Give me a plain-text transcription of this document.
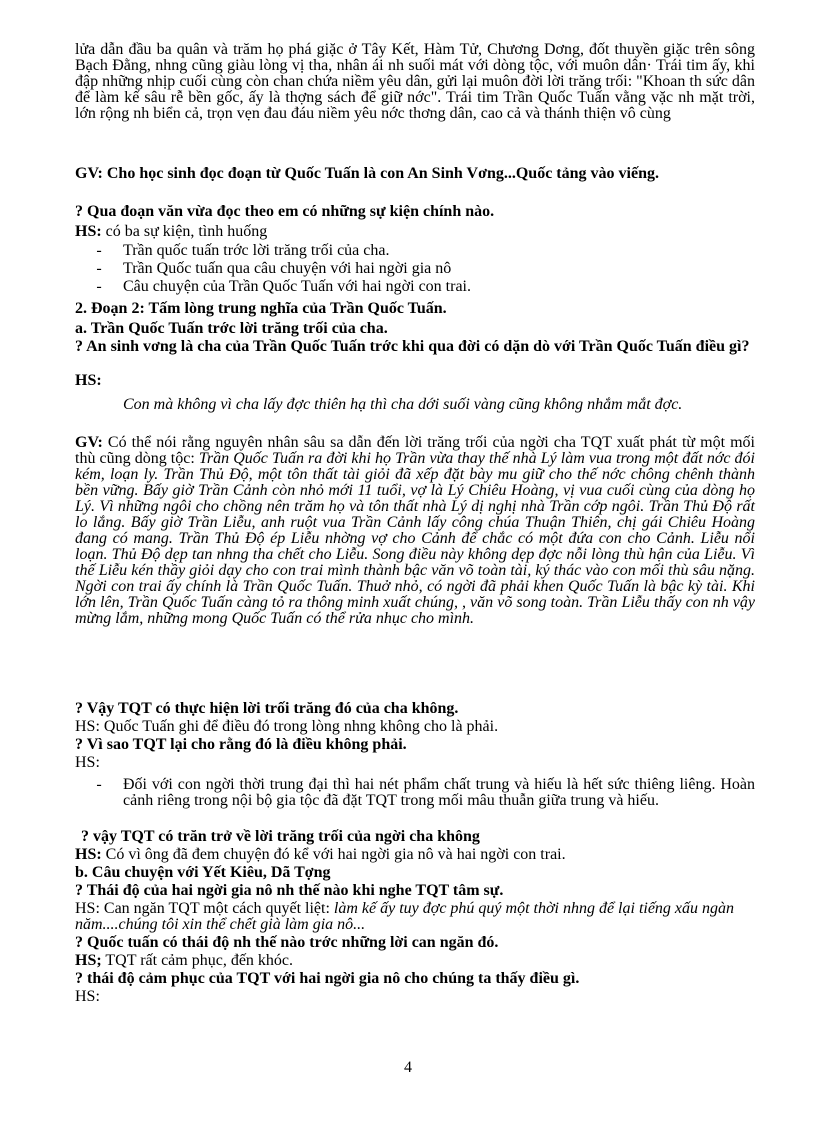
lửa dẫn đầu ba quân và trăm họ phá giặc ở Tây Kết, Hàm Tử, Chương Dơng, đốt thuyền giặc trên sông Bạch Đằng, nhng cũng giàu lòng vị tha, nhân ái nh suối mát với dòng tộc, với muôn dân· Trái tim ấy, khi đập những nhịp cuối cùng còn chan chứa niềm yêu dân, gửi lại muôn đời lời trăng trối: "Khoan th sức dân để làm kế sâu rễ bền gốc, ấy là thợng sách để giữ nớc". Trái tim Trần Quốc Tuấn vằng vặc nh mặt trời, lớn rộng nh biển cả, trọn vẹn đau đáu niềm yêu nớc thơng dân, cao cả và thánh thiện vô cùng

GV: Cho học sinh đọc đoạn từ Quốc Tuấn là con An Sinh Vơng...Quốc tảng vào viếng.

? Qua đoạn văn vừa đọc theo em có những sự kiện chính nào.

HS: có ba sự kiện, tình huống

-	Trần quốc tuấn trớc lời trăng trối của cha.
-	Trần Quốc tuấn qua câu chuyện với hai ngời gia nô
-	Câu chuyện của Trần Quốc Tuấn với hai ngời con trai.

2. Đoạn 2: Tấm lòng trung nghĩa của Trần Quốc Tuấn.

a. Trần Quốc Tuấn trớc lời trăng trối của cha.

? An sinh vơng là cha của Trần Quốc Tuấn trớc khi qua đời có dặn dò với Trần Quốc Tuấn điều gì?

HS:

Con mà không vì cha lấy đợc thiên hạ thì cha dới suối vàng cũng không nhắm mắt đợc.

GV: Có thể nói rằng nguyên nhân sâu sa dẫn đến lời trăng trối của ngời cha TQT xuất phát từ một mối thù cũng dòng tộc: Trần Quốc Tuấn ra đời khi họ Trần vừa thay thế nhà Lý làm vua trong một đất nớc đói kém, loạn ly. Trần Thủ Độ, một tôn thất tài giỏi đã xếp đặt bày mu giữ cho thế nớc chông chênh thành bền vững. Bấy giờ Trần Cảnh còn nhỏ mới 11 tuổi, vợ là Lý Chiêu Hoàng, vị vua cuối cùng của dòng họ Lý. Vì những ngôi cho chồng nên trăm họ và tôn thất nhà Lý dị nghị nhà Trần cớp ngôi. Trần Thủ Độ rất lo lắng. Bấy giờ Trần Liễu, anh ruột vua Trần Cảnh lấy công chúa Thuận Thiên, chị gái Chiêu Hoàng đang có mang. Trần Thủ Độ ép Liễu nhờng vợ cho Cảnh để chắc có một đứa con cho Cảnh. Liễu nổi loạn. Thủ Độ dẹp tan nhng tha chết cho Liễu. Song điều này không dẹp đợc nỗi lòng thù hận của Liễu. Vì thế Liễu kén thầy giỏi dạy cho con trai mình thành bậc văn võ toàn tài, ký thác vào con mối thù sâu nặng. Ngời con trai ấy chính là Trần Quốc Tuấn. Thuở nhỏ, có ngời đã phải khen Quốc Tuấn là bậc kỳ tài. Khi lớn lên, Trần Quốc Tuấn càng tỏ ra thông minh xuất chúng, , văn võ song toàn. Trần Liễu thấy con nh vậy mừng lắm, những mong Quốc Tuấn có thể rửa nhục cho mình.

? Vậy TQT có thực hiện lời trối trăng đó của cha không.

HS: Quốc Tuấn ghi để điều đó trong lòng nhng không cho là phải.

? Vì sao TQT lại cho rằng đó là điều không phải.

HS:

-	Đối với con ngời thời trung đại thì hai nét phẩm chất trung và hiếu là hết sức thiêng liêng. Hoàn cảnh riêng trong nội bộ gia tộc đã đặt TQT trong mối mâu thuẫn giữa trung và hiếu.

? vậy TQT có trăn trở về lời trăng trối của ngời cha không

HS: Có vì ông đã đem chuyện đó kể với hai ngời gia nô và hai ngời con trai.

b. Câu chuyện với Yết Kiêu, Dã Tợng

? Thái độ của hai ngời gia nô nh thế nào khi nghe TQT tâm sự.

HS: Can ngăn TQT một cách quyết liệt: làm kế ấy tuy đợc phú quý một thời nhng để lại tiếng xấu ngàn năm....chúng tôi xin thể chết già làm gia nô...

? Quốc tuấn có thái độ nh thế nào trớc những lời can ngăn đó.

HS; TQT rất cảm phục, đến khóc.

? thái độ cảm phục của TQT với hai ngời gia nô cho chúng ta thấy điều gì.

HS:

4
